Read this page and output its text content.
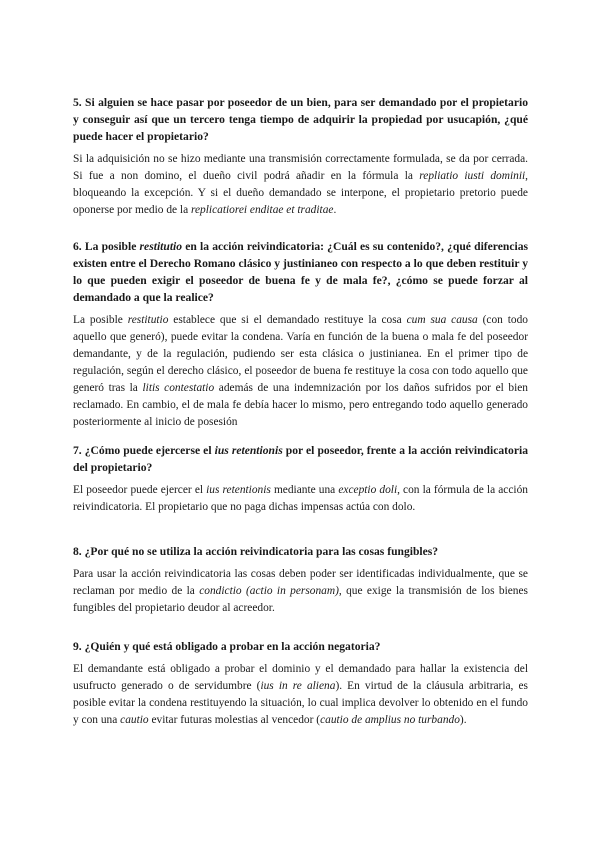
5. Si alguien se hace pasar por poseedor de un bien, para ser demandado por el propietario y conseguir así que un tercero tenga tiempo de adquirir la propiedad por usucapión, ¿qué puede hacer el propietario?

Si la adquisición no se hizo mediante una transmisión correctamente formulada, se da por cerrada. Si fue a non domino, el dueño civil podrá añadir en la fórmula la repliatio iusti dominii, bloqueando la excepción. Y si el dueño demandado se interpone, el propietario pretorio puede oponerse por medio de la replicatiorei enditae et traditae.

6. La posible restitutio en la acción reivindicatoria: ¿Cuál es su contenido?, ¿qué diferencias existen entre el Derecho Romano clásico y justinianeo con respecto a lo que deben restituir y lo que pueden exigir el poseedor de buena fe y de mala fe?, ¿cómo se puede forzar al demandado a que la realice?

La posible restitutio establece que si el demandado restituye la cosa cum sua causa (con todo aquello que generó), puede evitar la condena. Varía en función de la buena o mala fe del poseedor demandante, y de la regulación, pudiendo ser esta clásica o justinianea. En el primer tipo de regulación, según el derecho clásico, el poseedor de buena fe restituye la cosa con todo aquello que generó tras la litis contestatio además de una indemnización por los daños sufridos por el bien reclamado. En cambio, el de mala fe debía hacer lo mismo, pero entregando todo aquello generado posteriormente al inicio de posesión

7. ¿Cómo puede ejercerse el ius retentionis por el poseedor, frente a la acción reivindicatoria del propietario?

El poseedor puede ejercer el ius retentionis mediante una exceptio doli, con la fórmula de la acción reivindicatoria. El propietario que no paga dichas impensas actúa con dolo.

8. ¿Por qué no se utiliza la acción reivindicatoria para las cosas fungibles?

Para usar la acción reivindicatoria las cosas deben poder ser identificadas individualmente, que se reclaman por medio de la condictio (actio in personam), que exige la transmisión de los bienes fungibles del propietario deudor al acreedor.

9. ¿Quién y qué está obligado a probar en la acción negatoria?

El demandante está obligado a probar el dominio y el demandado para hallar la existencia del usufructo generado o de servidumbre (ius in re aliena). En virtud de la cláusula arbitraria, es posible evitar la condena restituyendo la situación, lo cual implica devolver lo obtenido en el fundo y con una cautio evitar futuras molestias al vencedor (cautio de amplius no turbando).
